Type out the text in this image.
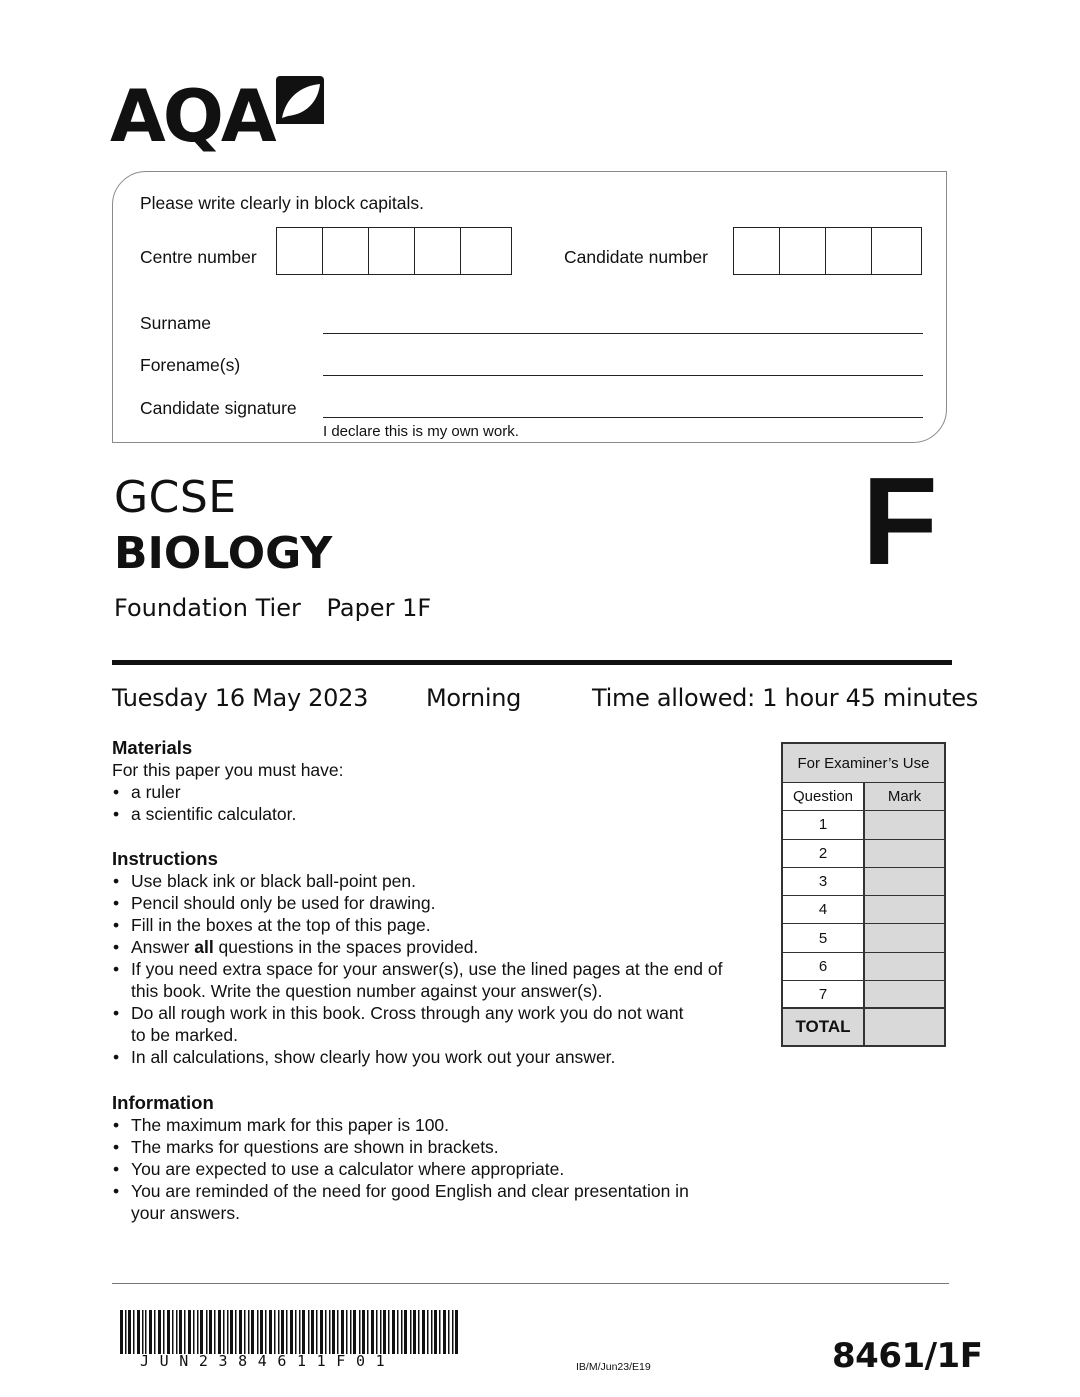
AQA
Please write clearly in block capitals.
Centre number	Candidate number
Surname
Forename(s)
Candidate signature
I declare this is my own work.
GCSE
BIOLOGY
Foundation Tier Paper 1F
F
Tuesday 16 May 2023 Morning	Time allowed: 1 hour 45 minutes
Materials

For this paper you must have:

• a ruler
• a scientific calculator.
Instructions
• Use black ink or black ball-point pen.
• Pencil should only be used for drawing.
• Fill in the boxes at the top of this page.
• Answer all questions in the spaces provided.
• If you need extra space for your answer(s), use the lined pages at the end of this book. Write the question number against your answer(s).
• Do all rough work in this book. Cross through any work you do not want to be marked.
• In all calculations, show clearly how you work out your answer.
Information
• The maximum mark for this paper is 100.
• The marks for questions are shown in brackets.
• You are expected to use a calculator where appropriate.
• You are reminded of the need for good English and clear presentation in your answers.
For Examiner’s Use
Question	Mark
1
2
3
4
5
6
7
TOTAL
JUN2384611F01	IB/M/Jun23/E19	8461/1F
